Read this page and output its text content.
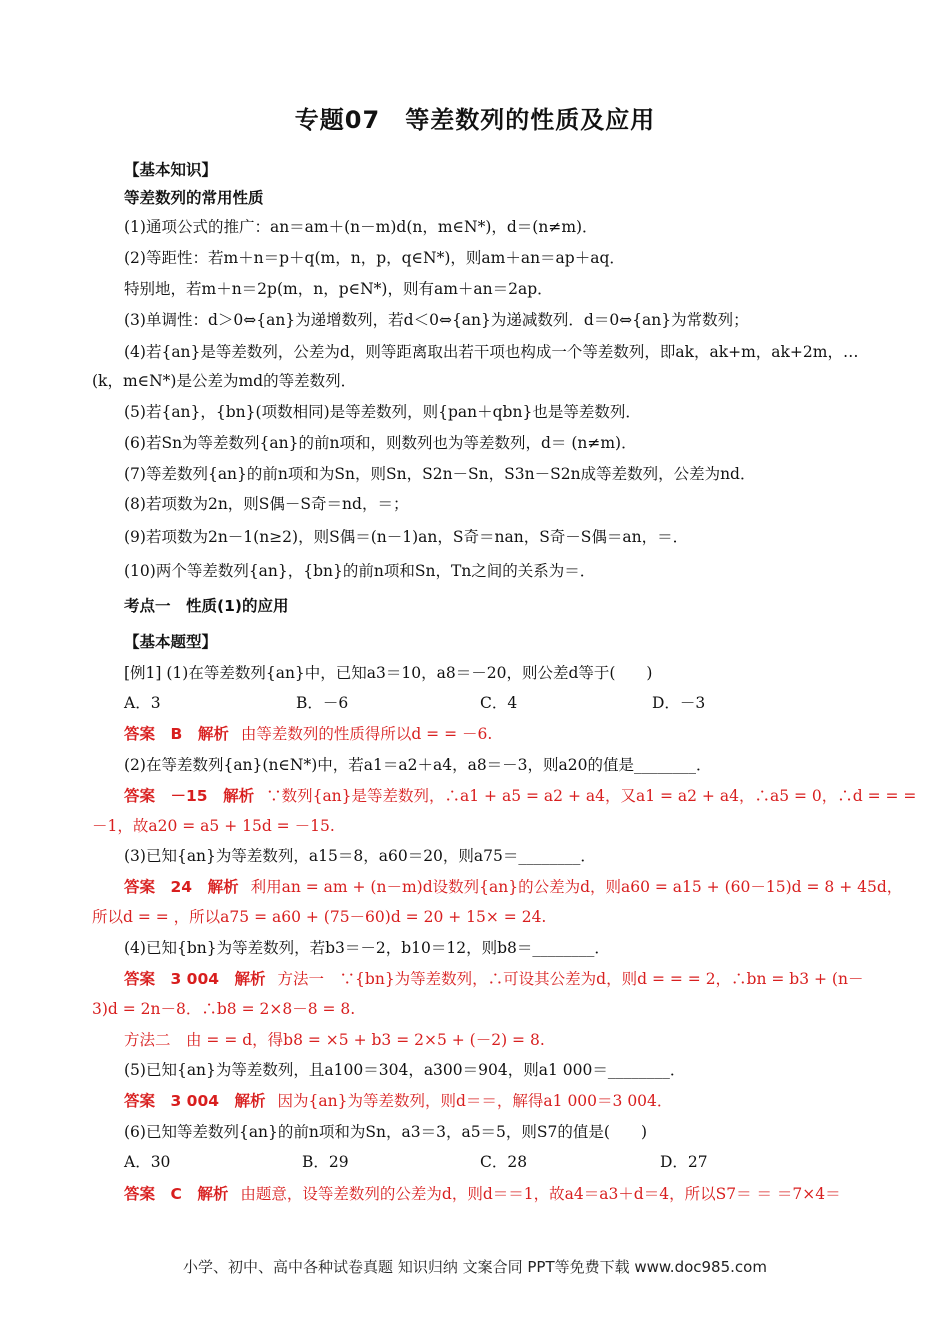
专题07　等差数列的性质及应用
【基本知识】
等差数列的常用性质
(1)通项公式的推广：an＝am＋(n－m)d(n，m∈N*)，d＝(n≠m)．
(2)等距性：若m＋n＝p＋q(m，n，p，q∈N*)，则am＋an＝ap＋aq．
特别地，若m＋n＝2p(m，n，p∈N*)，则有am＋an＝2ap．
(3)单调性：d＞0⇔{an}为递增数列，若d＜0⇔{an}为递减数列．d＝0⇔{an}为常数列；
(4)若{an}是等差数列，公差为d，则等距离取出若干项也构成一个等差数列，即ak，ak+m，ak+2m，…
(k，m∈N*)是公差为md的等差数列．
(5)若{an}，{bn}(项数相同)是等差数列，则{pan＋qbn}也是等差数列．
(6)若Sn为等差数列{an}的前n项和，则数列也为等差数列，d＝ (n≠m)．
(7)等差数列{an}的前n项和为Sn，则Sn，S2n－Sn，S3n－S2n成等差数列，公差为nd．
(8)若项数为2n，则S偶－S奇＝nd，＝；
(9)若项数为2n－1(n≥2)，则S偶＝(n－1)an，S奇＝nan，S奇－S偶＝an，＝．
(10)两个等差数列{an}，{bn}的前n项和Sn，Tn之间的关系为＝．
考点一　性质(1)的应用
【基本题型】
[例1] (1)在等差数列{an}中，已知a3＝10，a8＝－20，则公差d等于(　　)
A．3	B．－6	C．4	D．－3
答案　B　解析 由等差数列的性质得所以d = = －6.
(2)在等差数列{an}(n∈N*)中，若a1＝a2＋a4，a8＝－3，则a20的值是________．
答案　－15　解析 ∵数列{an}是等差数列，∴a1 + a5 = a2 + a4，又a1 = a2 + a4，∴a5 = 0，∴d = = =
－1，故a20 = a5 + 15d = －15.
(3)已知{an}为等差数列，a15＝8，a60＝20，则a75＝________．
答案　24　解析 利用an = am + (n－m)d设数列{an}的公差为d，则a60 = a15 + (60－15)d = 8 + 45d，
所以d = = ，所以a75 = a60 + (75－60)d = 20 + 15× = 24.
(4)已知{bn}为等差数列，若b3＝－2，b10＝12，则b8＝________．
答案　3 004　解析 方法一　∵{bn}为等差数列，∴可设其公差为d，则d = = = 2，∴bn = b3 + (n－
3)d = 2n－8．∴b8 = 2×8－8 = 8.
方法二　由 = = d，得b8 = ×5 + b3 = 2×5 + (－2) = 8.
(5)已知{an}为等差数列，且a100＝304，a300＝904，则a1 000＝________．
答案　3 004　解析 因为{an}为等差数列，则d＝＝，解得a1 000＝3 004．
(6)已知等差数列{an}的前n项和为Sn，a3＝3，a5＝5，则S7的值是(　　)
A．30	B．29	C．28	D．27
答案　C　解析 由题意，设等差数列的公差为d，则d＝＝1，故a4＝a3＋d＝4，所以S7＝ ＝ ＝7×4＝
小学、初中、高中各种试卷真题 知识归纳 文案合同 PPT等免费下载 www.doc985.com
